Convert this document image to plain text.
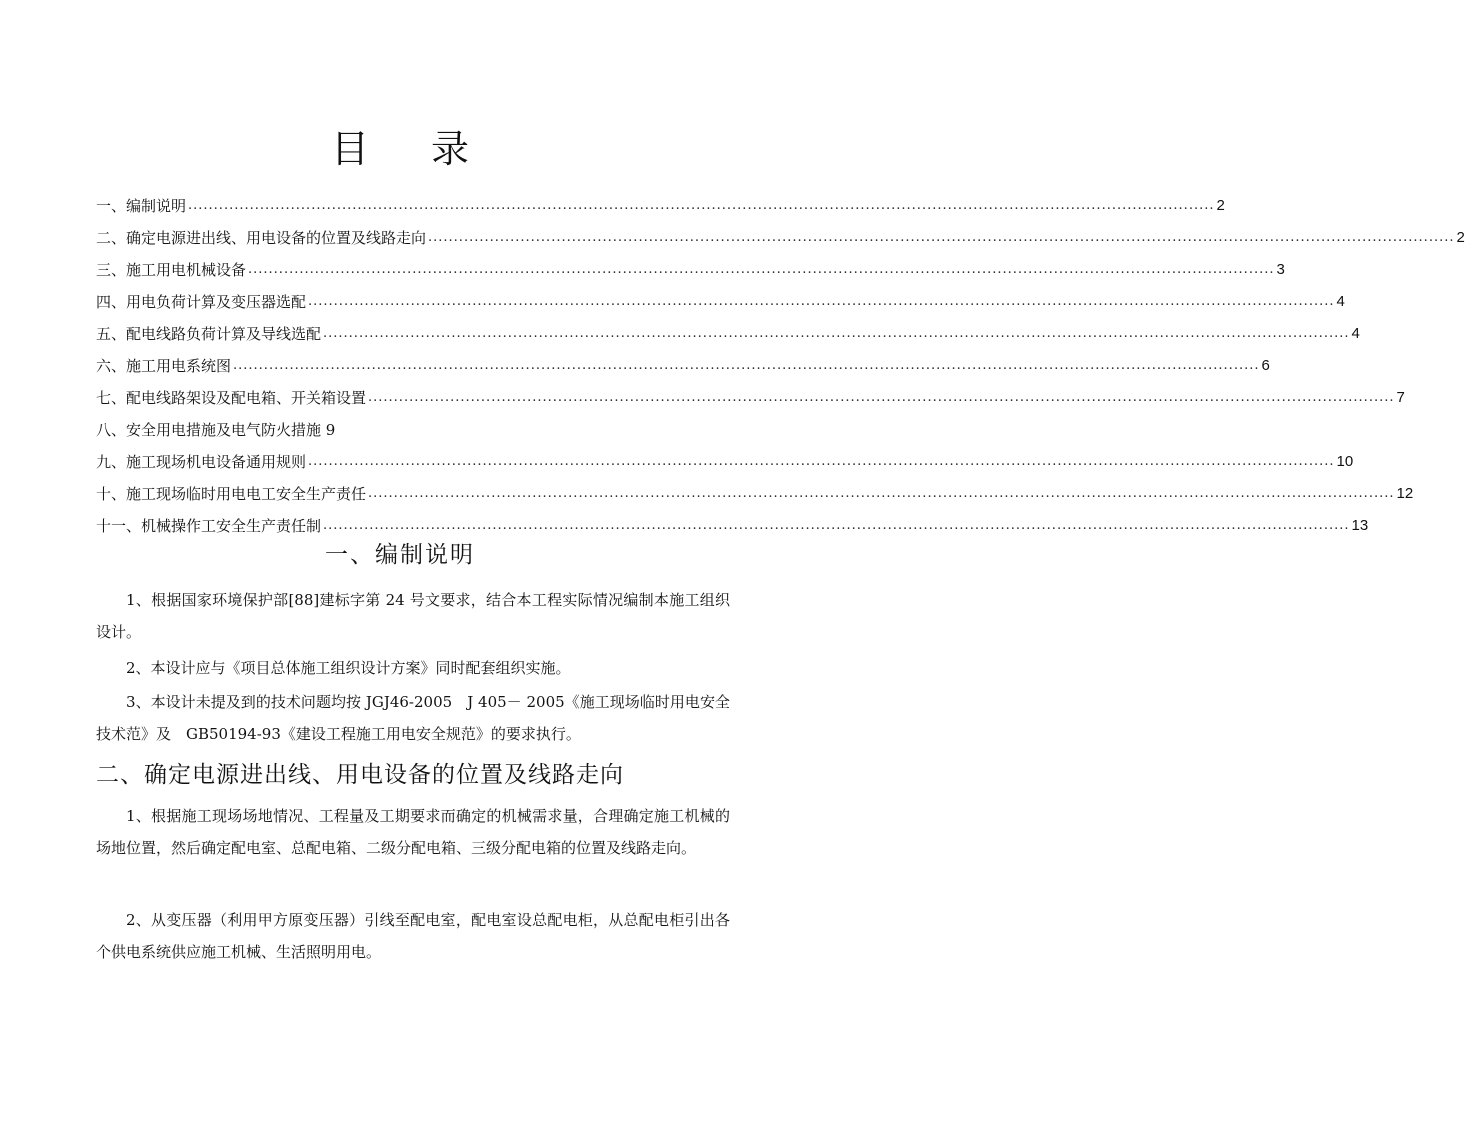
目录
一、编制说明 ........................................................................................................................................................................................................ 2
二、确定电源进出线、用电设备的位置及线路走向 ........................................................................................................................................................................................................ 2
三、施工用电机械设备 ........................................................................................................................................................................................................ 3
四、用电负荷计算及变压器选配 ........................................................................................................................................................................................................ 4
五、配电线路负荷计算及导线选配 ........................................................................................................................................................................................................ 4
六、施工用电系统图 ........................................................................................................................................................................................................ 6
七、配电线路架设及配电箱、开关箱设置 ........................................................................................................................................................................................................ 7
八、安全用电措施及电气防火措施 9
九、施工现场机电设备通用规则 ........................................................................................................................................................................................................ 10
十、施工现场临时用电电工安全生产责任 ........................................................................................................................................................................................................ 12
十一、机械操作工安全生产责任制 ........................................................................................................................................................................................................ 13
一、编制说明
1、根据国家环境保护部[88]建标字第 24 号文要求，结合本工程实际情况编制本施工组织设计。
2、本设计应与《项目总体施工组织设计方案》同时配套组织实施。
3、本设计未提及到的技术问题均按 JGJ46-2005　J 405－ 2005《施工现场临时用电安全技术范》及　GB50194-93《建设工程施工用电安全规范》的要求执行。
二、确定电源进出线、用电设备的位置及线路走向
1、根据施工现场场地情况、工程量及工期要求而确定的机械需求量，合理确定施工机械的场地位置，然后确定配电室、总配电箱、二级分配电箱、三级分配电箱的位置及线路走向。
2、从变压器（利用甲方原变压器）引线至配电室，配电室设总配电柜，从总配电柜引出各个供电系统供应施工机械、生活照明用电。
